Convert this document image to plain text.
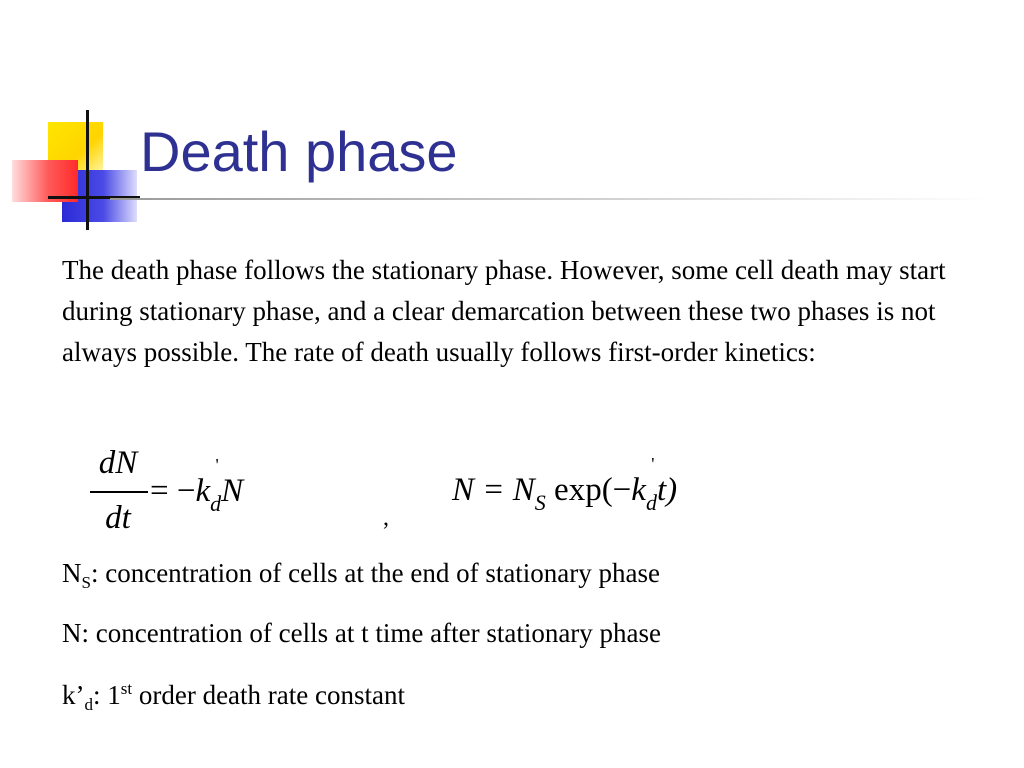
Death phase
The death phase follows the stationary phase. However, some cell death may start during stationary phase, and a clear demarcation between these two phases is not always possible. The rate of death usually follows first-order kinetics:
dN
dt
= −k
'
$_d$N
,
$N = N_S$ exp(−k
'
$_d$t)
$N_S$: concentration of cells at the end of stationary phase
N: concentration of cells at t time after stationary phase
$k’_d$: 1st order death rate constant
